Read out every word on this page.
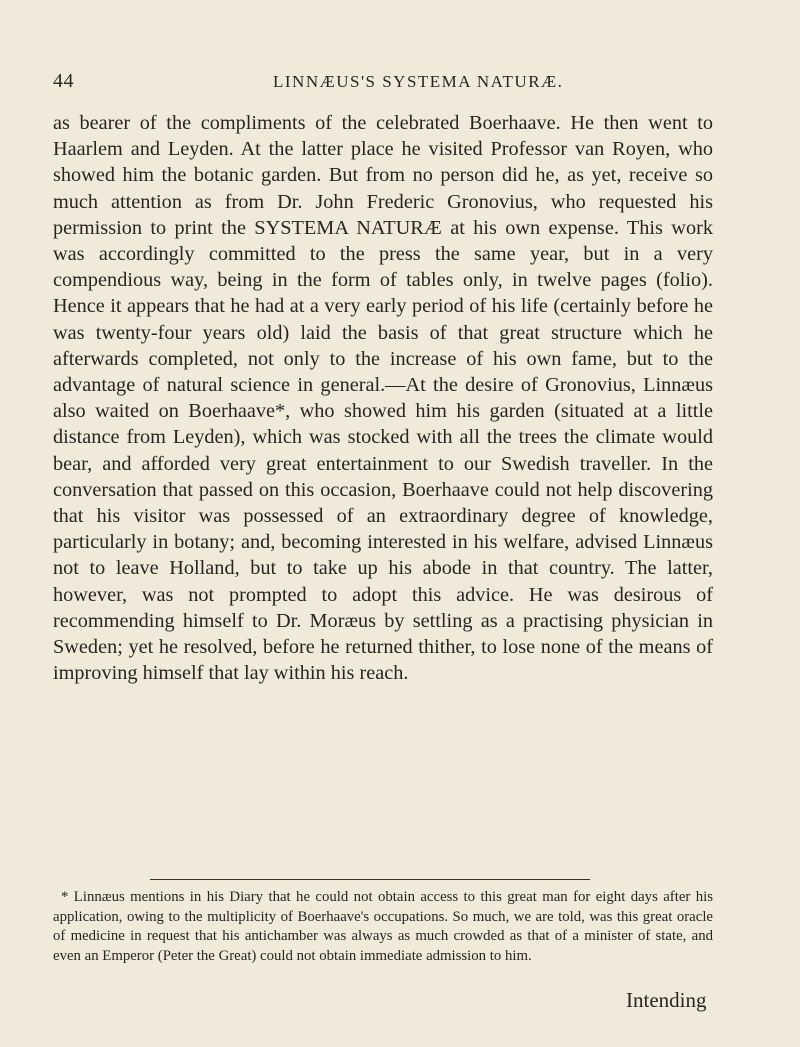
44	LINNÆUS'S SYSTEMA NATURÆ.

as bearer of the compliments of the celebrated Boerhaave. He then went to Haarlem and Leyden. At the latter place he visited Professor van Royen, who showed him the botanic garden. But from no person did he, as yet, receive so much attention as from Dr. John Frederic Gronovius, who requested his permission to print the SYSTEMA NATURÆ at his own expense. This work was accordingly committed to the press the same year, but in a very compendious way, being in the form of tables only, in twelve pages (folio). Hence it appears that he had at a very early period of his life (certainly before he was twenty-four years old) laid the basis of that great structure which he afterwards completed, not only to the increase of his own fame, but to the advantage of natural science in general.—At the desire of Gronovius, Linnæus also waited on Boerhaave*, who showed him his garden (situated at a little distance from Leyden), which was stocked with all the trees the climate would bear, and afforded very great entertainment to our Swedish traveller. In the conversation that passed on this occasion, Boerhaave could not help discovering that his visitor was possessed of an extraordinary degree of knowledge, particularly in botany; and, becoming interested in his welfare, advised Linnæus not to leave Holland, but to take up his abode in that country. The latter, however, was not prompted to adopt this advice. He was desirous of recommending himself to Dr. Moræus by settling as a practising physician in Sweden; yet he resolved, before he returned thither, to lose none of the means of improving himself that lay within his reach.

* Linnæus mentions in his Diary that he could not obtain access to this great man for eight days after his application, owing to the multiplicity of Boerhaave's occupations. So much, we are told, was this great oracle of medicine in request that his antichamber was always as much crowded as that of a minister of state, and even an Emperor (Peter the Great) could not obtain immediate admission to him.
Intending
